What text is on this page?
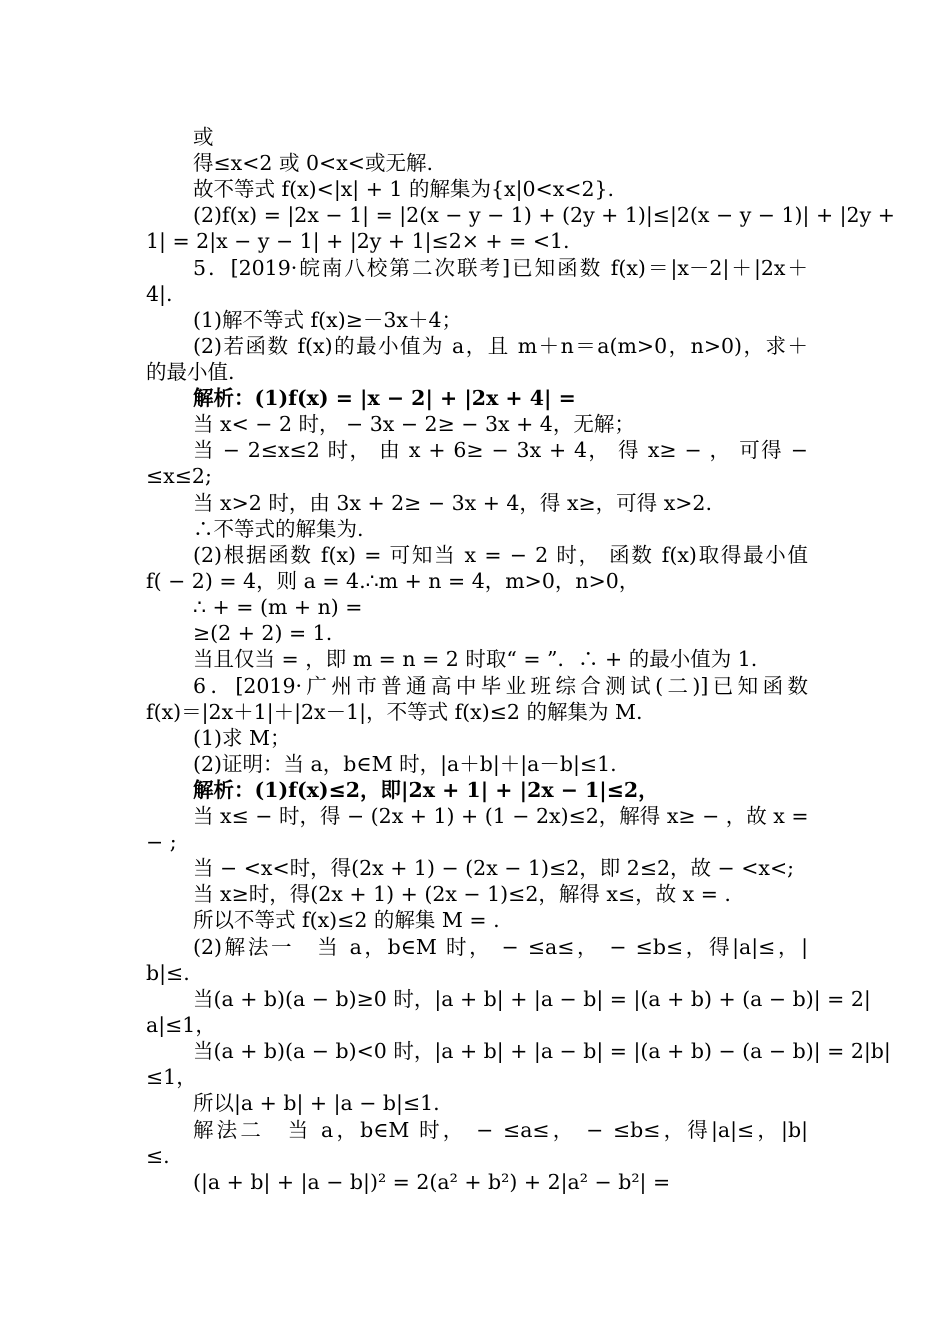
或
得≤x<2 或 0<x<或无解.
故不等式 f(x)<|x| + 1 的解集为{x|0<x<2}.
(2)f(x) = |2x − 1| = |2(x − y − 1) + (2y + 1)|≤|2(x − y − 1)| + |2y +
1| = 2|x − y − 1| + |2y + 1|≤2× + = <1.
5．[2019·皖南八校第二次联考]已知函数 f(x)＝|x－2|＋|2x＋
4|.
(1)解不等式 f(x)≥－3x＋4；
(2)若函数 f(x)的最小值为 a，且 m＋n＝a(m>0，n>0)，求＋
的最小值.
解析：(1)f(x) = |x − 2| + |2x + 4| =
当 x< − 2 时， − 3x − 2≥ − 3x + 4，无解；
当 − 2≤x≤2 时， 由 x + 6≥ − 3x + 4， 得 x≥ − ， 可得 −
≤x≤2;
当 x>2 时，由 3x + 2≥ − 3x + 4，得 x≥，可得 x>2.
∴不等式的解集为.
(2)根据函数 f(x) = 可知当 x = − 2 时， 函数 f(x)取得最小值
f( − 2) = 4，则 a = 4.∴m + n = 4，m>0，n>0，
∴ + = (m + n) =
≥(2 + 2) = 1.
当且仅当 = ，即 m = n = 2 时取“ = ”．∴ + 的最小值为 1.
6．[2019·广州市普通高中毕业班综合测试(二)]已知函数
f(x)＝|2x＋1|＋|2x－1|，不等式 f(x)≤2 的解集为 M.
(1)求 M；
(2)证明：当 a，b∈M 时，|a＋b|＋|a－b|≤1.
解析：(1)f(x)≤2，即|2x + 1| + |2x − 1|≤2，
当 x≤ − 时，得 − (2x + 1) + (1 − 2x)≤2，解得 x≥ − ，故 x =
− ;
当 − <x<时，得(2x + 1) − (2x − 1)≤2，即 2≤2，故 − <x<;
当 x≥时，得(2x + 1) + (2x − 1)≤2，解得 x≤，故 x = .
所以不等式 f(x)≤2 的解集 M = .
(2)解法一　当 a，b∈M 时， − ≤a≤， − ≤b≤，得|a|≤，|
b|≤.
当(a + b)(a − b)≥0 时，|a + b| + |a − b| = |(a + b) + (a − b)| = 2|
a|≤1，
当(a + b)(a − b)<0 时，|a + b| + |a − b| = |(a + b) − (a − b)| = 2|b|
≤1，
所以|a + b| + |a − b|≤1.
解法二　当 a，b∈M 时， − ≤a≤， − ≤b≤，得|a|≤，|b|
≤.
(|a + b| + |a − b|)² = 2(a² + b²) + 2|a² − b²| =
